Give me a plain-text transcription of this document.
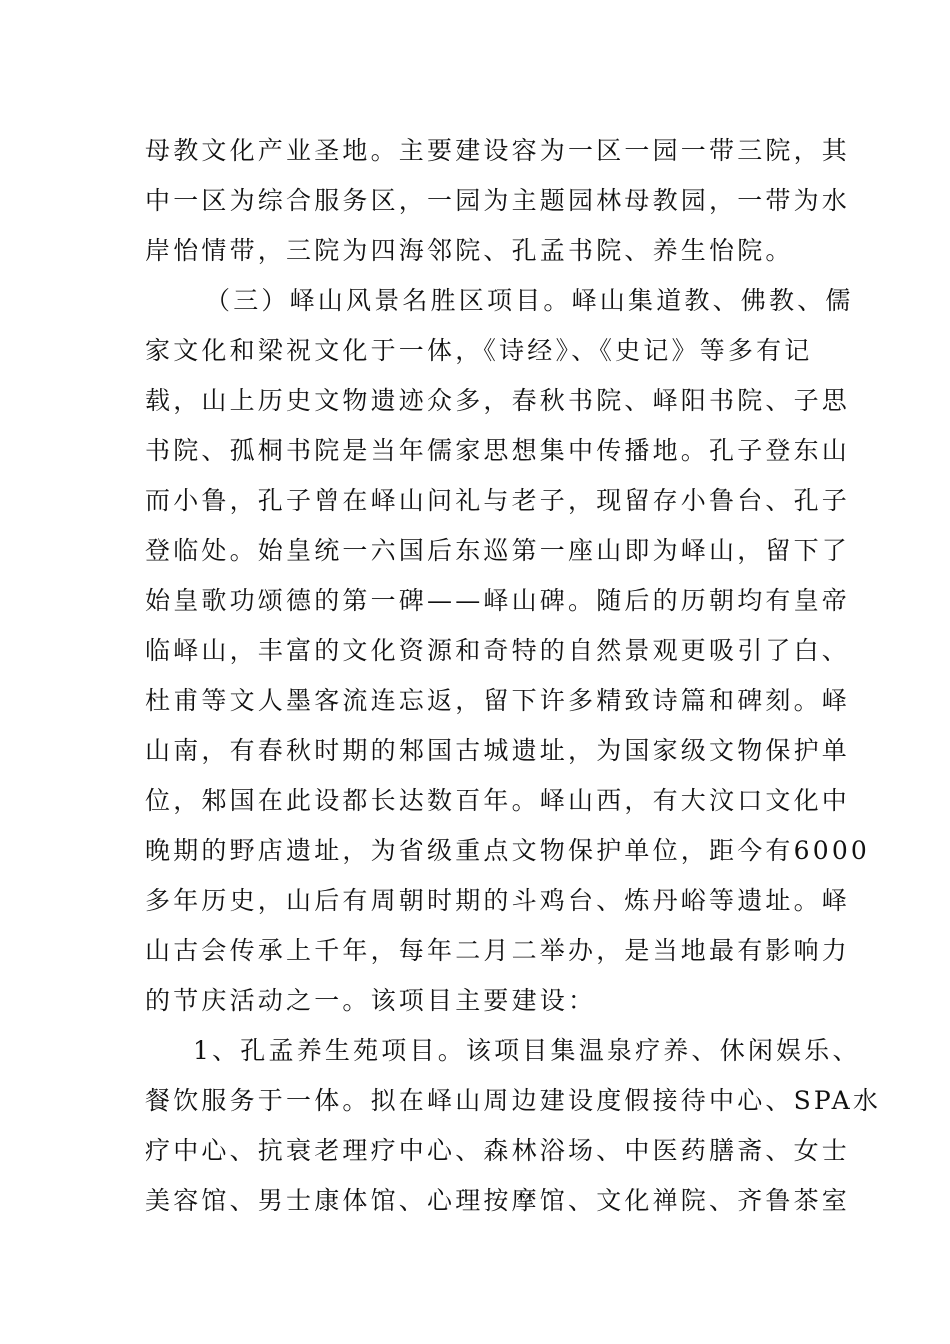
母教文化产业圣地。主要建设容为一区一园一带三院，其
中一区为综合服务区，一园为主题园林母教园，一带为水
岸怡情带，三院为四海邻院、孔孟书院、养生怡院。
（三）峄山风景名胜区项目。峄山集道教、佛教、儒
家文化和梁祝文化于一体，《诗经》、《史记》等多有记
载，山上历史文物遗迹众多，春秋书院、峄阳书院、子思
书院、孤桐书院是当年儒家思想集中传播地。孔子登东山
而小鲁，孔子曾在峄山问礼与老子，现留存小鲁台、孔子
登临处。始皇统一六国后东巡第一座山即为峄山，留下了
始皇歌功颂德的第一碑——峄山碑。随后的历朝均有皇帝
临峄山，丰富的文化资源和奇特的自然景观更吸引了白、
杜甫等文人墨客流连忘返，留下许多精致诗篇和碑刻。峄
山南，有春秋时期的邾国古城遗址，为国家级文物保护单
位，邾国在此设都长达数百年。峄山西，有大汶口文化中
晚期的野店遗址，为省级重点文物保护单位，距今有6000
多年历史，山后有周朝时期的斗鸡台、炼丹峪等遗址。峄
山古会传承上千年，每年二月二举办，是当地最有影响力
的节庆活动之一。该项目主要建设：
1、孔孟养生苑项目。该项目集温泉疗养、休闲娱乐、
餐饮服务于一体。拟在峄山周边建设度假接待中心、SPA水
疗中心、抗衰老理疗中心、森林浴场、中医药膳斋、女士
美容馆、男士康体馆、心理按摩馆、文化禅院、齐鲁茶室
